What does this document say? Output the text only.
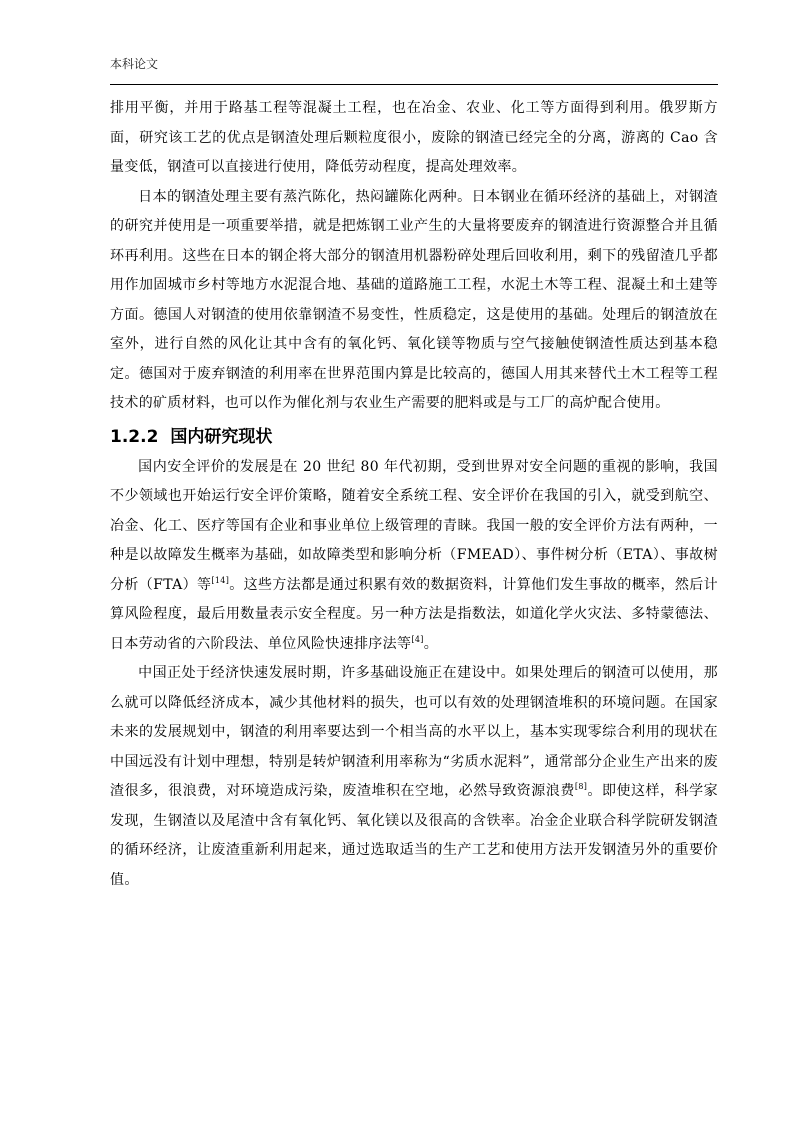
本科论文

排用平衡，并用于路基工程等混凝土工程，也在冶金、农业、化工等方面得到利用。俄罗斯方面，研究该工艺的优点是钢渣处理后颗粒度很小，废除的钢渣已经完全的分离，游离的 Cao 含量变低，钢渣可以直接进行使用，降低劳动程度，提高处理效率。

日本的钢渣处理主要有蒸汽陈化，热闷罐陈化两种。日本钢业在循环经济的基础上，对钢渣的研究并使用是一项重要举措，就是把炼钢工业产生的大量将要废弃的钢渣进行资源整合并且循环再利用。这些在日本的钢企将大部分的钢渣用机器粉碎处理后回收利用，剩下的残留渣几乎都用作加固城市乡村等地方水泥混合地、基础的道路施工工程，水泥土木等工程、混凝土和土建等方面。德国人对钢渣的使用依靠钢渣不易变性，性质稳定，这是使用的基础。处理后的钢渣放在室外，进行自然的风化让其中含有的氧化钙、氧化镁等物质与空气接触使钢渣性质达到基本稳定。德国对于废弃钢渣的利用率在世界范围内算是比较高的，德国人用其来替代土木工程等工程技术的矿质材料，也可以作为催化剂与农业生产需要的肥料或是与工厂的高炉配合使用。

1.2.2 国内研究现状

国内安全评价的发展是在 20 世纪 80 年代初期，受到世界对安全问题的重视的影响，我国不少领域也开始运行安全评价策略，随着安全系统工程、安全评价在我国的引入，就受到航空、冶金、化工、医疗等国有企业和事业单位上级管理的青睐。我国一般的安全评价方法有两种，一种是以故障发生概率为基础，如故障类型和影响分析（FMEAD）、事件树分析（ETA）、事故树分析（FTA）等[14]。这些方法都是通过积累有效的数据资料，计算他们发生事故的概率，然后计算风险程度，最后用数量表示安全程度。另一种方法是指数法，如道化学火灾法、多特蒙德法、日本劳动省的六阶段法、单位风险快速排序法等[4]。

中国正处于经济快速发展时期，许多基础设施正在建设中。如果处理后的钢渣可以使用，那么就可以降低经济成本，减少其他材料的损失，也可以有效的处理钢渣堆积的环境问题。在国家未来的发展规划中，钢渣的利用率要达到一个相当高的水平以上，基本实现零综合利用的现状在中国远没有计划中理想，特别是转炉钢渣利用率称为“劣质水泥料”，通常部分企业生产出来的废渣很多，很浪费，对环境造成污染，废渣堆积在空地，必然导致资源浪费[8]。即使这样，科学家发现，生钢渣以及尾渣中含有氧化钙、氧化镁以及很高的含铁率。冶金企业联合科学院研发钢渣的循环经济，让废渣重新利用起来，通过选取适当的生产工艺和使用方法开发钢渣另外的重要价值。
